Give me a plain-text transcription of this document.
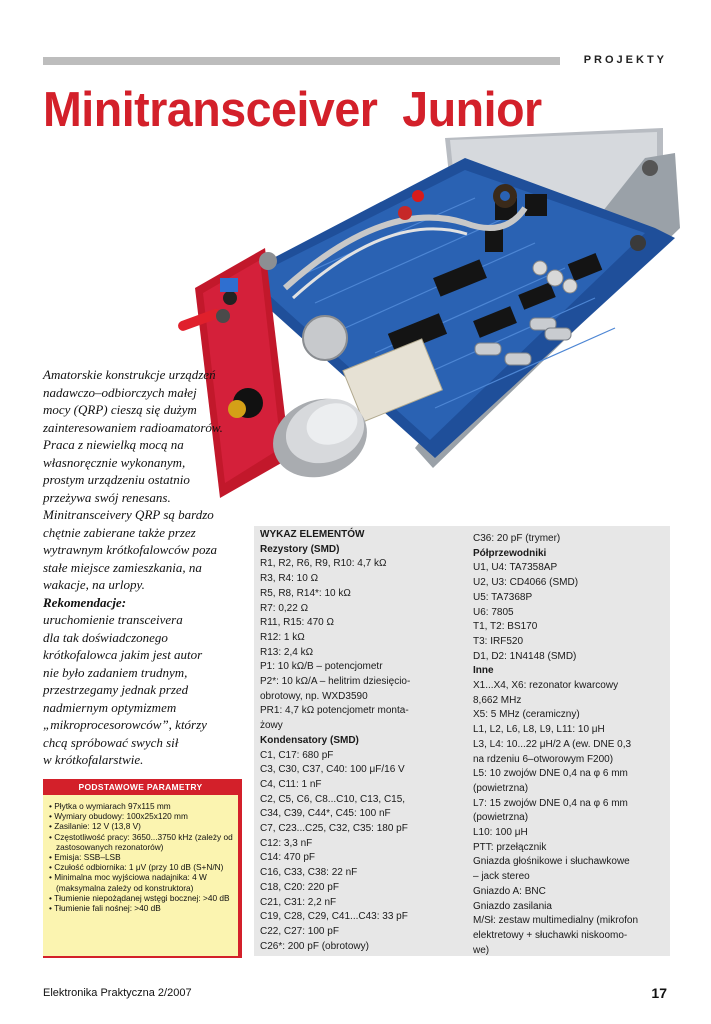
PROJEKTY
Minitransceiver  Junior

Amatorskie konstrukcje urządzeń

nadawczo–odbiorczych małej

mocy (QRP) cieszą się dużym

zainteresowaniem radioamatorów.

Praca z niewielką mocą na

własnoręcznie wykonanym,

prostym urządzeniu ostatnio

przeżywa swój renesans.

Minitransceivery QRP są bardzo

chętnie zabierane także przez

wytrawnym krótkofalowców poza

stałe miejsce zamieszkania, na

wakacje, na urlopy.

Rekomendacje:

uruchomienie transceivera

dla tak doświadczonego

krótkofalowca jakim jest autor

nie było zadaniem trudnym,

przestrzegamy jednak przed

nadmiernym optymizmem

„mikroprocesorowców”, którzy

chcą spróbować swych sił

w krótkofalarstwie.

PODSTAWOWE PARAMETRY
• Płytka o wymiarach 97x115 mm
• Wymiary obudowy: 100x25x120 mm
• Zasilanie: 12 V (13,8 V)
• Częstotliwość pracy: 3650...3750 kHz (zależy od zastosowanych rezonatorów)
• Emisja: SSB–LSB
• Czułość odbiornika: 1 μV (przy 10 dB (S+N/N)
• Minimalna moc wyjściowa nadajnika: 4 W (maksymalna zależy od konstruktora)
• Tłumienie niepożądanej wstęgi bocznej: >40 dB
• Tłumienie fali nośnej: >40 dB
WYKAZ ELEMENTÓW
Rezystory (SMD)
R1, R2, R6, R9, R10: 4,7 kΩ
R3, R4: 10 Ω
R5, R8, R14*: 10 kΩ
R7: 0,22 Ω
R11, R15: 470 Ω
R12: 1 kΩ
R13: 2,4 kΩ
P1: 10 kΩ/B – potencjometr
P2*: 10 kΩ/A – helitrim dziesięcio-
obrotowy, np. WXD3590
PR1: 4,7 kΩ potencjometr monta-
żowy
Kondensatory (SMD)
C1, C17: 680 pF
C3, C30, C37, C40: 100 μF/16 V
C4, C11: 1 nF
C2, C5, C6, C8...C10, C13, C15,
C34, C39, C44*, C45: 100 nF
C7, C23...C25, C32, C35: 180 pF
C12: 3,3 nF
C14: 470 pF
C16, C33, C38: 22 nF
C18, C20: 220 pF
C21, C31: 2,2 nF
C19, C28, C29, C41...C43: 33 pF
C22, C27: 100 pF
C26*: 200 pF (obrotowy)
C36: 20 pF (trymer)
Półprzewodniki
U1, U4: TA7358AP
U2, U3: CD4066 (SMD)
U5: TA7368P
U6: 7805
T1, T2: BS170
T3: IRF520
D1, D2: 1N4148 (SMD)
Inne
X1...X4, X6: rezonator kwarcowy
8,662 MHz
X5: 5 MHz (ceramiczny)
L1, L2, L6, L8, L9, L11: 10 μH
L3, L4: 10...22 μH/2 A (ew. DNE 0,3
na rdzeniu 6–otworowym F200)
L5: 10 zwojów DNE 0,4 na φ 6 mm
(powietrzna)
L7: 15 zwojów DNE 0,4 na φ 6 mm
(powietrzna)
L10: 100 μH
PTT: przełącznik
Gniazda głośnikowe i słuchawkowe
– jack stereo
Gniazdo A: BNC
Gniazdo zasilania
M/Sł: zestaw multimedialny (mikrofon
elektretowy + słuchawki niskoomo-
we)
Elektronika Praktyczna 2/2007	17
